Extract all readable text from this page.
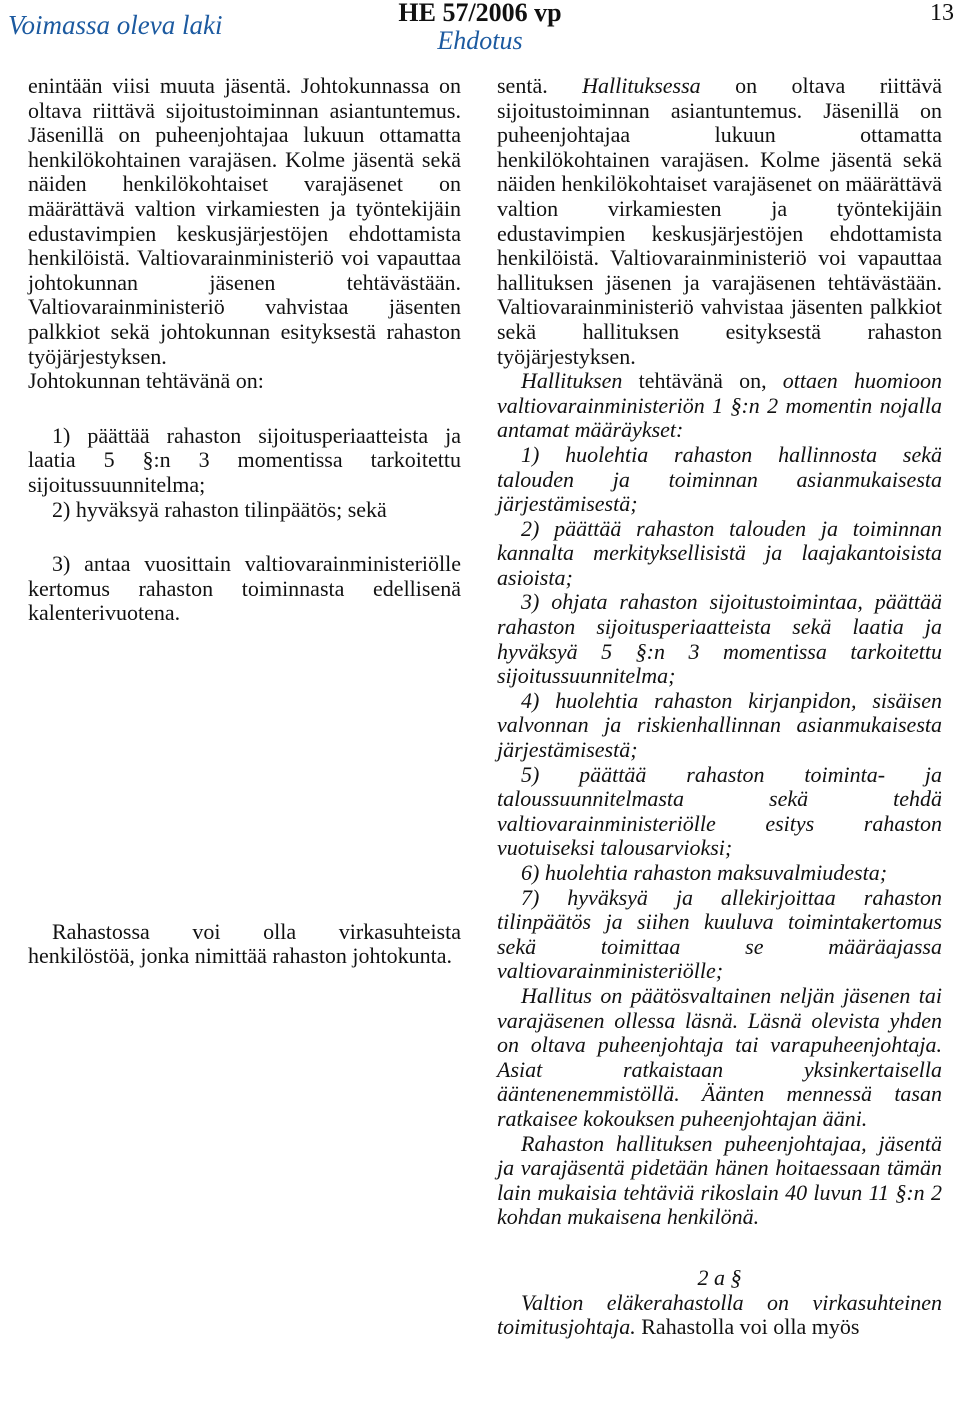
Voimassa oleva laki	HE 57/2006 vp
Ehdotus
13

enintään viisi muuta jäsentä. Johtokunnassa on oltava riittävä sijoitustoiminnan asiantuntemus. Jäsenillä on puheenjohtajaa lukuun ottamatta henkilökohtainen varajäsen. Kolme jäsentä sekä näiden henkilökohtaiset varajäsenet on määrättävä valtion virkamiesten ja työntekijäin edustavimpien keskusjärjestöjen ehdottamista henkilöistä. Valtiovarainministeriö voi vapauttaa johtokunnan jäsenen tehtävästään. Valtiovarainministeriö vahvistaa jäsenten palkkiot sekä johtokunnan esityksestä rahaston työjärjestyksen.

Johtokunnan tehtävänä on:

1) päättää rahaston sijoitusperiaatteista ja laatia 5 §:n 3 momentissa tarkoitettu sijoitussuunnitelma;

2) hyväksyä rahaston tilinpäätös; sekä

3) antaa vuosittain valtiovarainministeriölle kertomus rahaston toiminnasta edellisenä kalenterivuotena.

Rahastossa voi olla virkasuhteista henkilöstöä, jonka nimittää rahaston johtokunta.

sentä. Hallituksessa on oltava riittävä sijoitustoiminnan asiantuntemus. Jäsenillä on puheenjohtajaa lukuun ottamatta henkilökohtainen varajäsen. Kolme jäsentä sekä näiden henkilökohtaiset varajäsenet on määrättävä valtion virkamiesten ja työntekijäin edustavimpien keskusjärjestöjen ehdottamista henkilöistä. Valtiovarainministeriö voi vapauttaa hallituksen jäsenen ja varajäsenen tehtävästään. Valtiovarainministeriö vahvistaa jäsenten palkkiot sekä hallituksen esityksestä rahaston työjärjestyksen.

Hallituksen tehtävänä on, ottaen huomioon valtiovarainministeriön 1 §:n 2 momentin nojalla antamat määräykset:

1) huolehtia rahaston hallinnosta sekä talouden ja toiminnan asianmukaisesta järjestämisestä;

2) päättää rahaston talouden ja toiminnan kannalta merkityksellisistä ja laajakantoisista asioista;

3) ohjata rahaston sijoitustoimintaa, päättää rahaston sijoitusperiaatteista sekä laatia ja hyväksyä 5 §:n 3 momentissa tarkoitettu sijoitussuunnitelma;

4) huolehtia rahaston kirjanpidon, sisäisen valvonnan ja riskienhallinnan asianmukaisesta järjestämisestä;

5) päättää rahaston toiminta- ja taloussuunnitelmasta sekä tehdä valtiovarainministeriölle esitys rahaston vuotuiseksi talousarvioksi;

6) huolehtia rahaston maksuvalmiudesta;

7) hyväksyä ja allekirjoittaa rahaston tilinpäätös ja siihen kuuluva toimintakertomus sekä toimittaa se määräajassa valtiovarainministeriölle;

Hallitus on päätösvaltainen neljän jäsenen tai varajäsenen ollessa läsnä. Läsnä olevista yhden on oltava puheenjohtaja tai varapuheenjohtaja. Asiat ratkaistaan yksinkertaisella ääntenenemmistöllä. Äänten mennessä tasan ratkaisee kokouksen puheenjohtajan ääni.

Rahaston hallituksen puheenjohtajaa, jäsentä ja varajäsentä pidetään hänen hoitaessaan tämän lain mukaisia tehtäviä rikoslain 40 luvun 11 §:n 2 kohdan mukaisena henkilönä.

2 a §

Valtion eläkerahastolla on virkasuhteinen toimitusjohtaja. Rahastolla voi olla myös
